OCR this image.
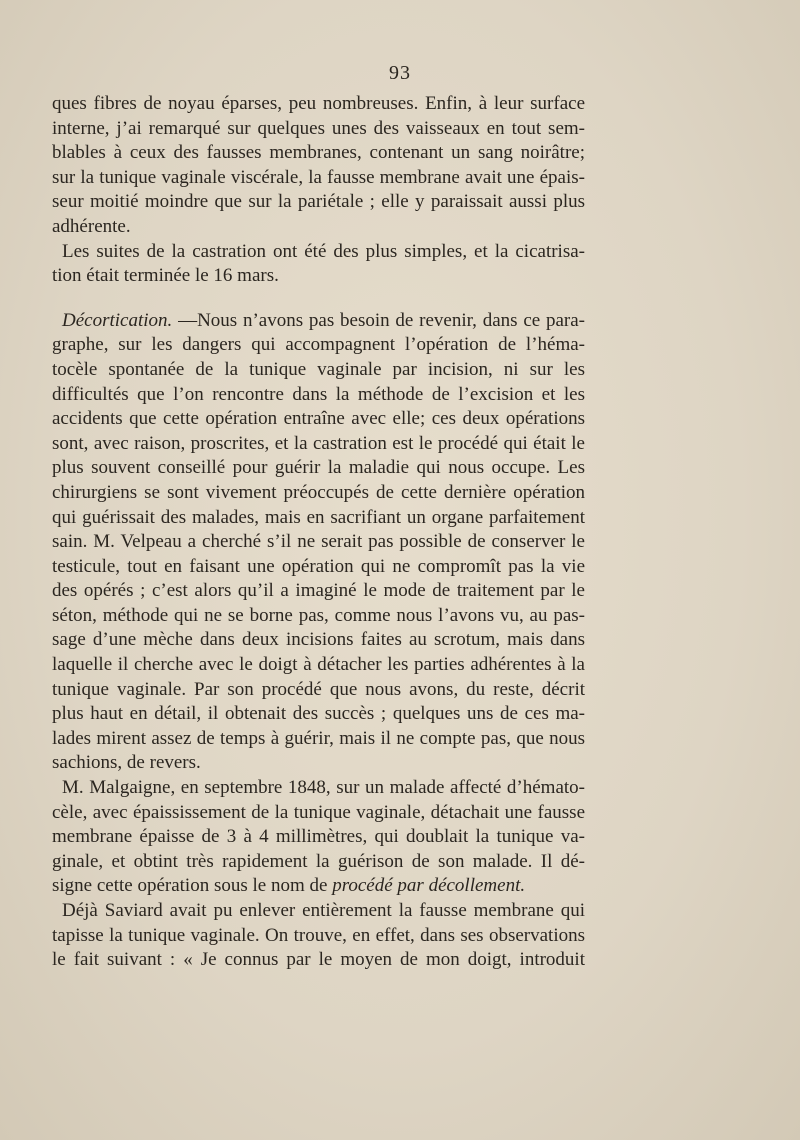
93
ques fibres de noyau éparses, peu nombreuses. Enfin, à leur surface
interne, j’ai remarqué sur quelques unes des vaisseaux en tout sem-
blables à ceux des fausses membranes, contenant un sang noirâtre;
sur la tunique vaginale viscérale, la fausse membrane avait une épais-
seur moitié moindre que sur la pariétale ; elle y paraissait aussi plus
adhérente.
Les suites de la castration ont été des plus simples, et la cicatrisa-
tion était terminée le 16 mars.
Décortication. —Nous n’avons pas besoin de revenir, dans ce para-
graphe, sur les dangers qui accompagnent l’opération de l’héma-
tocèle spontanée de la tunique vaginale par incision, ni sur les
difficultés que l’on rencontre dans la méthode de l’excision et les
accidents que cette opération entraîne avec elle; ces deux opérations
sont, avec raison, proscrites, et la castration est le procédé qui était le
plus souvent conseillé pour guérir la maladie qui nous occupe. Les
chirurgiens se sont vivement préoccupés de cette dernière opération
qui guérissait des malades, mais en sacrifiant un organe parfaitement
sain. M. Velpeau a cherché s’il ne serait pas possible de conserver le
testicule, tout en faisant une opération qui ne compromît pas la vie
des opérés ; c’est alors qu’il a imaginé le mode de traitement par le
séton, méthode qui ne se borne pas, comme nous l’avons vu, au pas-
sage d’une mèche dans deux incisions faites au scrotum, mais dans
laquelle il cherche avec le doigt à détacher les parties adhérentes à la
tunique vaginale. Par son procédé que nous avons, du reste, décrit
plus haut en détail, il obtenait des succès ; quelques uns de ces ma-
lades mirent assez de temps à guérir, mais il ne compte pas, que nous
sachions, de revers.
M. Malgaigne, en septembre 1848, sur un malade affecté d’hémato-
cèle, avec épaississement de la tunique vaginale, détachait une fausse
membrane épaisse de 3 à 4 millimètres, qui doublait la tunique va-
ginale, et obtint très rapidement la guérison de son malade. Il dé-
signe cette opération sous le nom de procédé par décollement.
Déjà Saviard avait pu enlever entièrement la fausse membrane qui
tapisse la tunique vaginale. On trouve, en effet, dans ses observations
le fait suivant : « Je connus par le moyen de mon doigt, introduit
